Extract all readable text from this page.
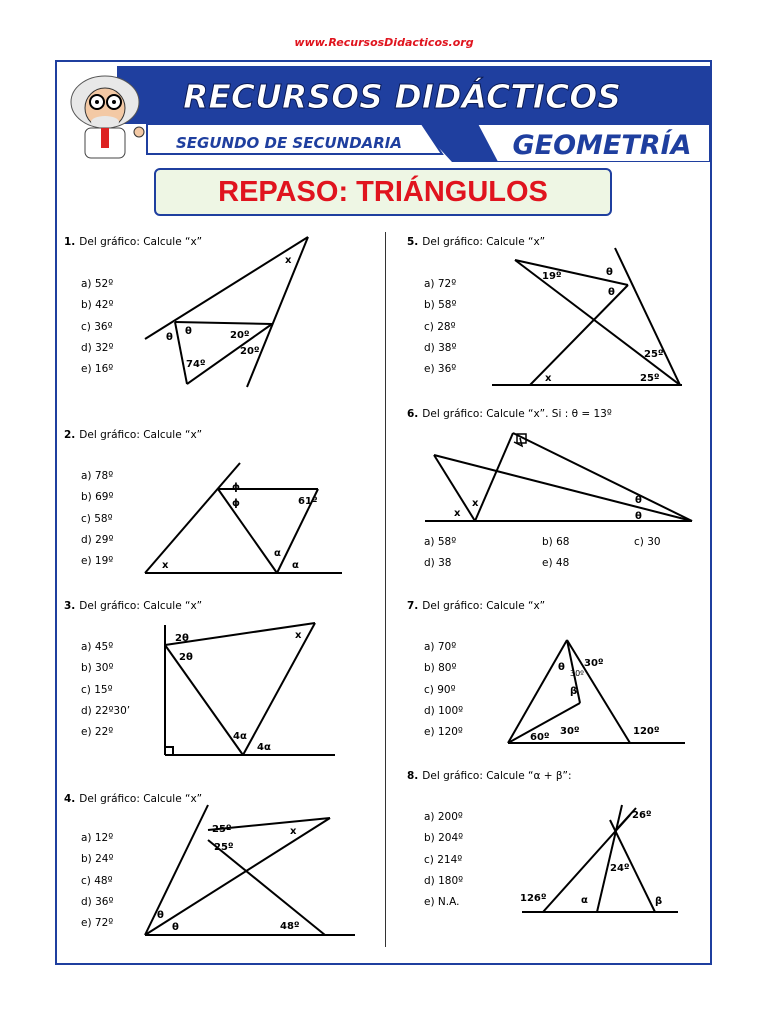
www.RecursosDidacticos.org
RECURSOS DIDÁCTICOS
SEGUNDO DE SECUNDARIA	GEOMETRÍA
REPASO: TRIÁNGULOS
1. Del gráfico: Calcule “x”
a) 52º
b) 42º
c) 36º
d) 32º
e) 16º
x
θ
θ	20º
20º
74º
2. Del gráfico: Calcule “x”
a) 78º
b) 69º
c) 58º
d) 29º
e) 19º
ϕ
ϕ	61º
α
α
x
3. Del gráfico: Calcule “x”
a) 45º
b) 30º
c) 15º
d) 22º30’
e) 22º
2θ
2θ
x
4α
4α
4. Del gráfico: Calcule “x”
a) 12º
b) 24º
c) 48º
d) 36º
e) 72º
25º
25º
x
θ
θ	48º
5. Del gráfico: Calcule “x”
a) 72º
b) 58º
c) 28º
d) 38º
e) 36º
19º	θ
θ
25º
25º
x
6. Del gráfico: Calcule “x”. Si : θ = 13º
x
x	θ
θ
a) 58º	b) 68	c) 30
d) 38	e) 48
7. Del gráfico: Calcule “x”
a) 70º
b) 80º
c) 90º
d) 100º
e) 120º
θ 30º
30º
β
60º
30º	120º
8. Del gráfico: Calcule “α + β”:
a) 200º
b) 204º
c) 214º
d) 180º
e) N.A.
26º
24º
126º	α	β
